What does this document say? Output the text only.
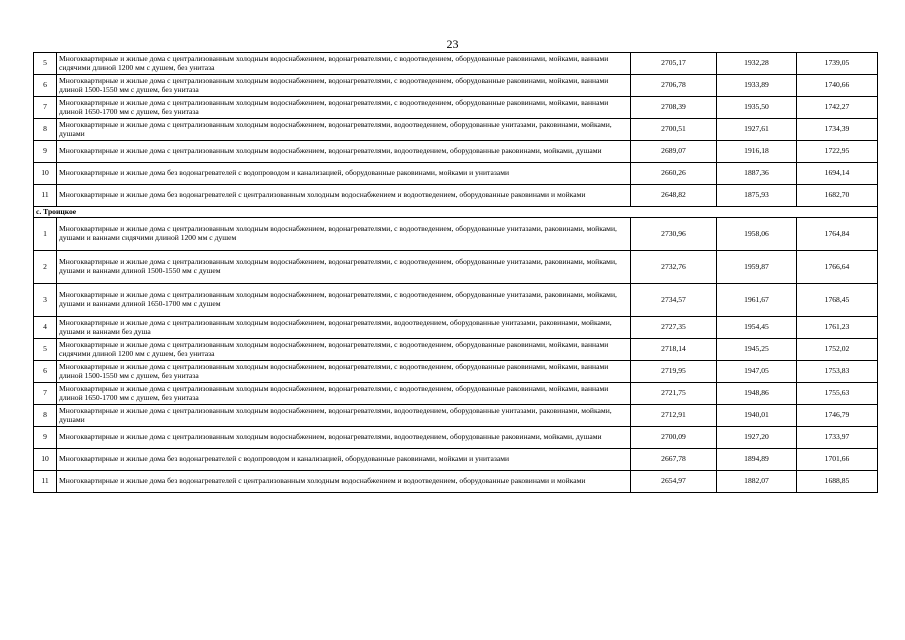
23
5	Многоквартирные и жилые дома с централизованным холодным водоснабжением, водонагревателями, с водоотведением, оборудованные раковинами, мойками, ваннами сидячими длиной 1200 мм с душем, без унитаза	2705,17	1932,28	1739,05
6	Многоквартирные и жилые дома с централизованным холодным водоснабжением, водонагревателями, с водоотведением, оборудованные раковинами, мойками, ваннами длиной 1500-1550 мм с душем, без унитаза	2706,78	1933,89	1740,66
7	Многоквартирные и жилые дома с централизованным холодным водоснабжением, водонагревателями, с водоотведением, оборудованные раковинами, мойками, ваннами длиной 1650-1700 мм с душем, без унитаза	2708,39	1935,50	1742,27
8	Многоквартирные и жилые дома с централизованным холодным водоснабжением, водонагревателями, водоотведением, оборудованные унитазами, раковинами, мойками, душами	2700,51	1927,61	1734,39
9	Многоквартирные и жилые дома с централизованным холодным водоснабжением, водонагревателями, водоотведением, оборудованные раковинами, мойками, душами	2689,07	1916,18	1722,95
10	Многоквартирные и жилые дома без водонагревателей с водопроводом и канализацией, оборудованные раковинами, мойками и унитазами	2660,26	1887,36	1694,14
11	Многоквартирные и жилые дома без водонагревателей с централизованным холодным водоснабжением и водоотведением, оборудованные раковинами и мойками	2648,82	1875,93	1682,70
с. Троицкое				
1	Многоквартирные и жилые дома с централизованным холодным водоснабжением, водонагревателями, с водоотведением, оборудованные унитазами, раковинами, мойками, душами и ваннами сидячими длиной 1200 мм с душем	2730,96	1958,06	1764,84
2	Многоквартирные и жилые дома с централизованным холодным водоснабжением, водонагревателями, с водоотведением, оборудованные унитазами, раковинами, мойками, душами и ваннами длиной 1500-1550 мм с душем	2732,76	1959,87	1766,64
3	Многоквартирные и жилые дома с централизованным холодным водоснабжением, водонагревателями, с водоотведением, оборудованные унитазами, раковинами, мойками, душами и ваннами длиной 1650-1700 мм с душем	2734,57	1961,67	1768,45
4	Многоквартирные и жилые дома с централизованным холодным водоснабжением, водонагревателями, водоотведением, оборудованные унитазами, раковинами, мойками, душами и ваннами без душа	2727,35	1954,45	1761,23
5	Многоквартирные и жилые дома с централизованным холодным водоснабжением, водонагревателями, с водоотведением, оборудованные раковинами, мойками, ваннами сидячими длиной 1200 мм с душем, без унитаза	2718,14	1945,25	1752,02
6	Многоквартирные и жилые дома с централизованным холодным водоснабжением, водонагревателями, с водоотведением, оборудованные раковинами, мойками, ваннами длиной 1500-1550 мм с душем, без унитаза	2719,95	1947,05	1753,83
7	Многоквартирные и жилые дома с централизованным холодным водоснабжением, водонагревателями, с водоотведением, оборудованные раковинами, мойками, ваннами длиной 1650-1700 мм с душем, без унитаза	2721,75	1948,86	1755,63
8	Многоквартирные и жилые дома с централизованным холодным водоснабжением, водонагревателями, водоотведением, оборудованные унитазами, раковинами, мойками, душами	2712,91	1940,01	1746,79
9	Многоквартирные и жилые дома с централизованным холодным водоснабжением, водонагревателями, водоотведением, оборудованные раковинами, мойками, душами	2700,09	1927,20	1733,97
10	Многоквартирные и жилые дома без водонагревателей с водопроводом и канализацией, оборудованные раковинами, мойками и унитазами	2667,78	1894,89	1701,66
11	Многоквартирные и жилые дома без водонагревателей с централизованным холодным водоснабжением и водоотведением, оборудованные раковинами и мойками	2654,97	1882,07	1688,85
